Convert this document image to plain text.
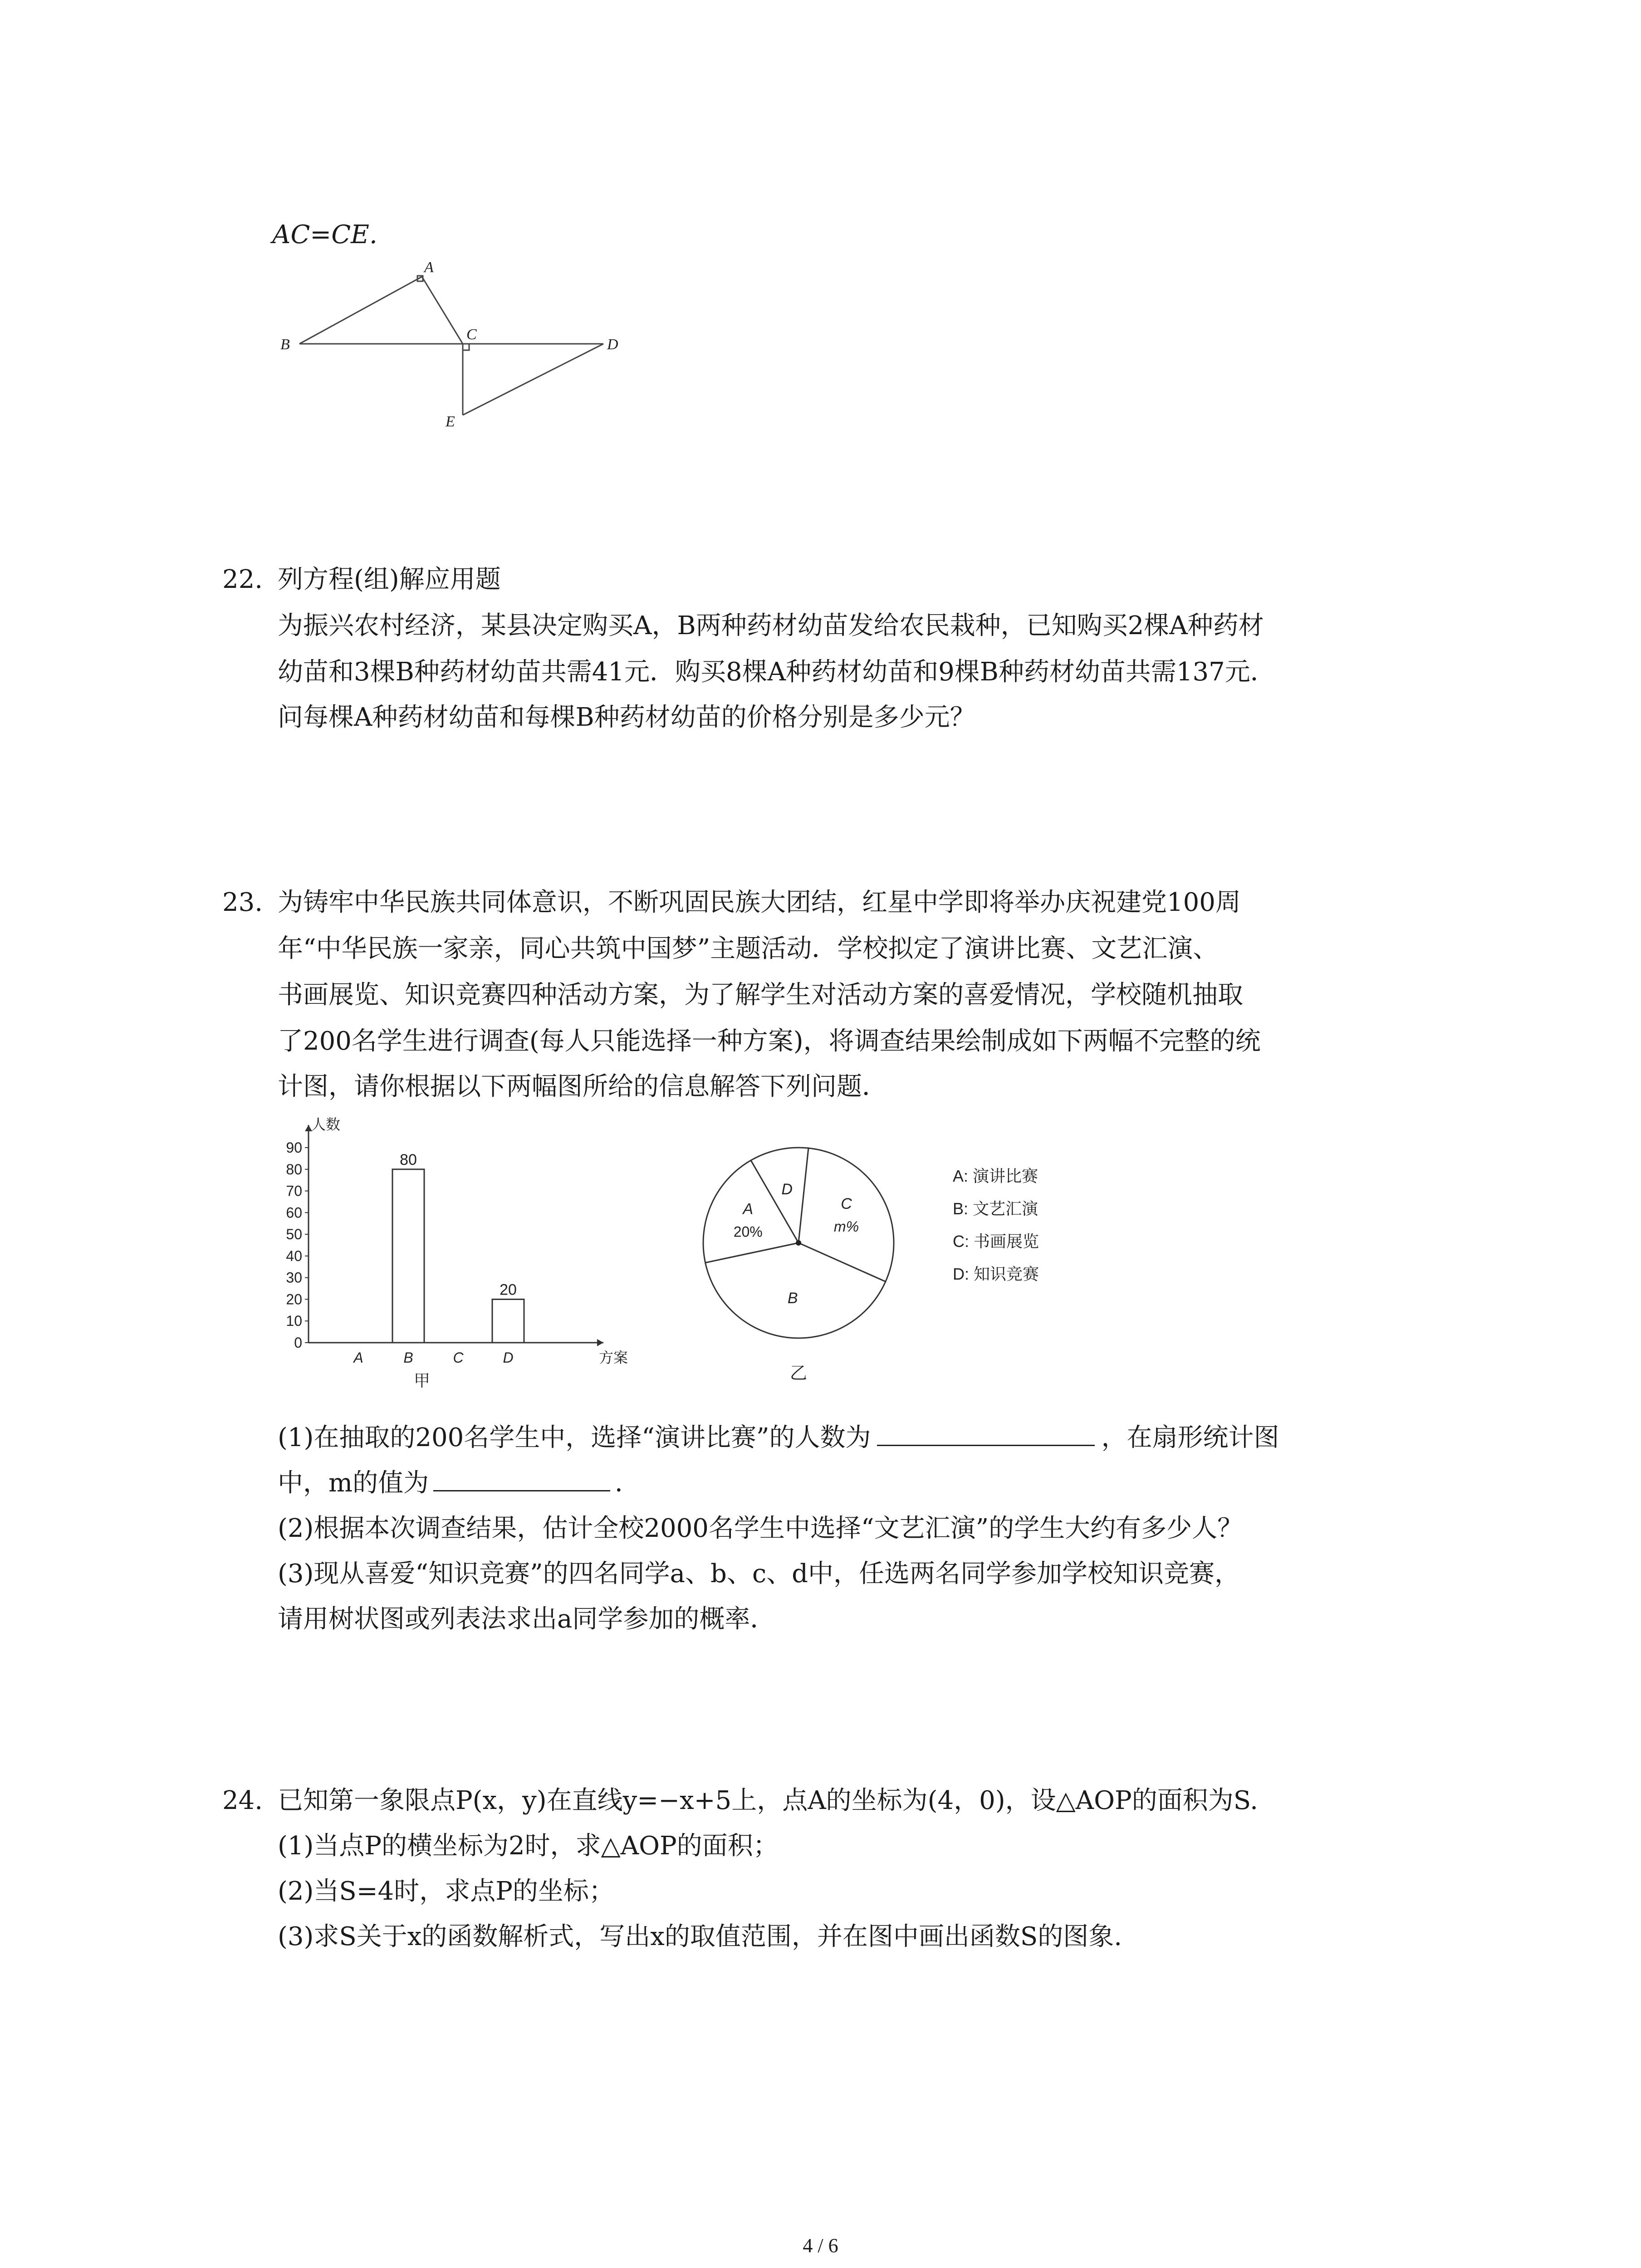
AC=CE.
A
B
C
D
E
22. 列方程(组)解应用题
为振兴农村经济，某县决定购买A，B两种药材幼苗发给农民栽种，已知购买2棵A种药材
幼苗和3棵B种药材幼苗共需41元．购买8棵A种药材幼苗和9棵B种药材幼苗共需137元．
问每棵A种药材幼苗和每棵B种药材幼苗的价格分别是多少元？
23. 为铸牢中华民族共同体意识，不断巩固民族大团结，红星中学即将举办庆祝建党100周
年“中华民族一家亲，同心共筑中国梦”主题活动．学校拟定了演讲比赛、文艺汇演、
书画展览、知识竞赛四种活动方案，为了解学生对活动方案的喜爱情况，学校随机抽取
了200名学生进行调查(每人只能选择一种方案)，将调查结果绘制成如下两幅不完整的统
计图，请你根据以下两幅图所给的信息解答下列问题．
人数
0
10
20
30
40
50
60
70
80
90
A	B
80
C	D
20
方案
甲
D
C
m%
B
A
20%
乙
A: 演讲比赛
B: 文艺汇演
C: 书画展览
D: 知识竞赛
(1)在抽取的200名学生中，选择“演讲比赛”的人数为	，在扇形统计图
中，m的值为	．
(2)根据本次调查结果，估计全校2000名学生中选择“文艺汇演”的学生大约有多少人？
(3)现从喜爱“知识竞赛”的四名同学a、b、c、d中，任选两名同学参加学校知识竞赛，
请用树状图或列表法求出a同学参加的概率．
24. 已知第一象限点P(x，y)在直线y=−x+5上，点A的坐标为(4，0)，设△AOP的面积为S.
(1)当点P的横坐标为2时，求△AOP的面积；
(2)当S=4时，求点P的坐标；
(3)求S关于x的函数解析式，写出x的取值范围，并在图中画出函数S的图象.
4 / 6
